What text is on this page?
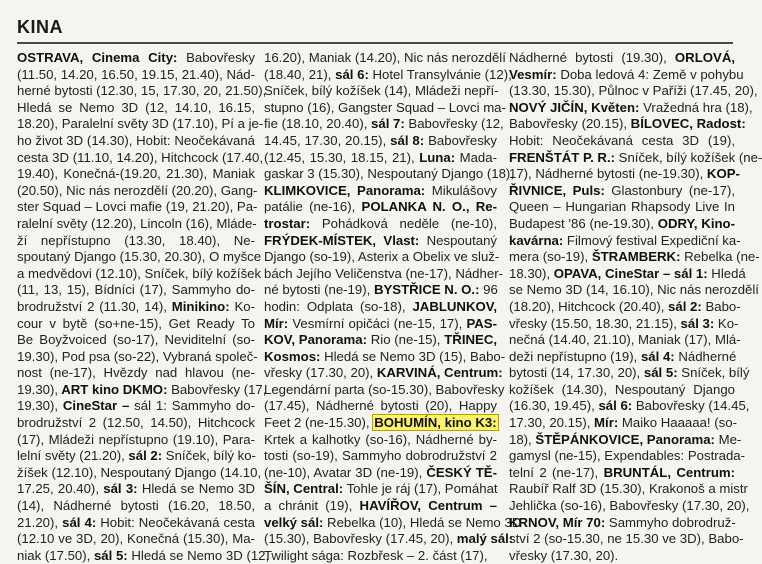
KINA
OSTRAVA, Cinema City: Babovřesky
(11.50, 14.20, 16.50, 19.15, 21.40), Nád-
herné bytosti (12.30, 15, 17.30, 20, 21.50),
Hledá se Nemo 3D (12, 14.10, 16.15,
18.20), Paralelní světy 3D (17.10), Pí a je-
ho život 3D (14.30), Hobit: Neočekávaná
cesta 3D (11.10, 14.20), Hitchcock (17.40,
19.40), Konečná-(19.20, 21.30), Maniak
(20.50), Nic nás nerozdělí (20.20), Gang-
ster Squad – Lovci mafie (19, 21.20), Pa-
ralelní světy (12.20), Lincoln (16), Mláde-
ží nepřístupno (13.30, 18.40), Ne-
spoutaný Django (15.30, 20.30), O myšce
a medvědovi (12.10), Sníček, bílý kožíšek
(11, 13, 15), Bídníci (17), Sammyho do-
brodružství 2 (11.30, 14), Minikino: Ko-
cour v bytě (so+ne-15), Get Ready To
Be Boyžvoiced (so-17), Neviditelní (so-
19.30), Pod psa (so-22), Vybraná společ-
nost (ne-17), Hvězdy nad hlavou (ne-
19.30), ART kino DKMO: Babovřesky (17,
19.30), CineStar – sál 1: Sammyho do-
brodružství 2 (12.50, 14.50), Hitchcock
(17), Mládeži nepřístupno (19.10), Para-
lelní světy (21.20), sál 2: Sníček, bílý ko-
žíšek (12.10), Nespoutaný Django (14.10,
17.25, 20.40), sál 3: Hledá se Nemo 3D
(14), Nádherné bytosti (16.20, 18.50,
21.20), sál 4: Hobit: Neočekávaná cesta
(12.10 ve 3D, 20), Konečná (15.30), Ma-
niak (17.50), sál 5: Hledá se Nemo 3D (12,
16.20), Maniak (14.20), Nic nás nerozdělí
(18.40, 21), sál 6: Hotel Transylvánie (12),
Sníček, bílý kožíšek (14), Mládeži nepří-
stupno (16), Gangster Squad – Lovci ma-
fie (18.10, 20.40), sál 7: Babovřesky (12,
14.45, 17.30, 20.15), sál 8: Babovřesky
(12.45, 15.30, 18.15, 21), Luna: Mada-
gaskar 3 (15.30), Nespoutaný Django (18),
KLIMKOVICE, Panorama: Mikulášovy
patálie (ne-16), POLANKA N. O., Re-
trostar: Pohádková neděle (ne-10),
FRÝDEK-MÍSTEK, Vlast: Nespoutaný
Django (so-19), Asterix a Obelix ve služ-
bách Jejího Veličenstva (ne-17), Nádher-
né bytosti (ne-19), BYSTŘICE N. O.: 96
hodin: Odplata (so-18), JABLUNKOV,
Mír: Vesmírní opičáci (ne-15, 17), PAS-
KOV, Panorama: Rio (ne-15), TŘINEC,
Kosmos: Hledá se Nemo 3D (15), Babo-
vřesky (17.30, 20), KARVINÁ, Centrum:
Legendární parta (so-15.30), Babovřesky
(17.45), Nádherné bytosti (20), Happy
Feet 2 (ne-15.30), BOHUMÍN, kino K3:
Krtek a kalhotky (so-16), Nádherné by-
tosti (so-19), Sammyho dobrodružství 2
(ne-10), Avatar 3D (ne-19), ČESKÝ TĚ-
ŠÍN, Central: Tohle je ráj (17), Pomáhat
a chránit (19), HAVÍŘOV, Centrum –
velký sál: Rebelka (10), Hledá se Nemo 3D
(15.30), Babovřesky (17.45, 20), malý sál:
Twilight sága: Rozbřesk – 2. část (17),
Nádherné bytosti (19.30), ORLOVÁ,
Vesmír: Doba ledová 4: Země v pohybu
(13.30, 15.30), Půlnoc v Paříži (17.45, 20),
NOVÝ JIČÍN, Květen: Vražedná hra (18),
Babovřesky (20.15), BÍLOVEC, Radost:
Hobit: Neočekávaná cesta 3D (19),
FRENŠTÁT P. R.: Sníček, bílý kožíšek (ne-
17), Nádherné bytosti (ne-19.30), KOP-
ŘIVNICE, Puls: Glastonbury (ne-17),
Queen – Hungarian Rhapsody Live In
Budapest '86 (ne-19.30), ODRY, Kino-
kavárna: Filmový festival Expediční ka-
mera (so-19), ŠTRAMBERK: Rebelka (ne-
18.30), OPAVA, CineStar – sál 1: Hledá
se Nemo 3D (14, 16.10), Nic nás nerozdělí
(18.20), Hitchcock (20.40), sál 2: Babo-
vřesky (15.50, 18.30, 21.15), sál 3: Ko-
nečná (14.40, 21.10), Maniak (17), Mlá-
deži nepřístupno (19), sál 4: Nádherné
bytosti (14, 17.30, 20), sál 5: Sníček, bílý
kožíšek (14.30), Nespoutaný Django
(16.30, 19.45), sál 6: Babovřesky (14.45,
17.30, 20.15), Mír: Maiko Haaaaa! (so-
18), ŠTĚPÁNKOVICE, Panorama: Me-
gamysl (ne-15), Expendables: Postrada-
telní 2 (ne-17), BRUNTÁL, Centrum:
Raubíř Ralf 3D (15.30), Krakonoš a mistr
Jehlička (so-16), Babovřesky (17.30, 20),
KRNOV, Mír 70: Sammyho dobrodruž-
ství 2 (so-15.30, ne 15.30 ve 3D), Babo-
vřesky (17.30, 20).
